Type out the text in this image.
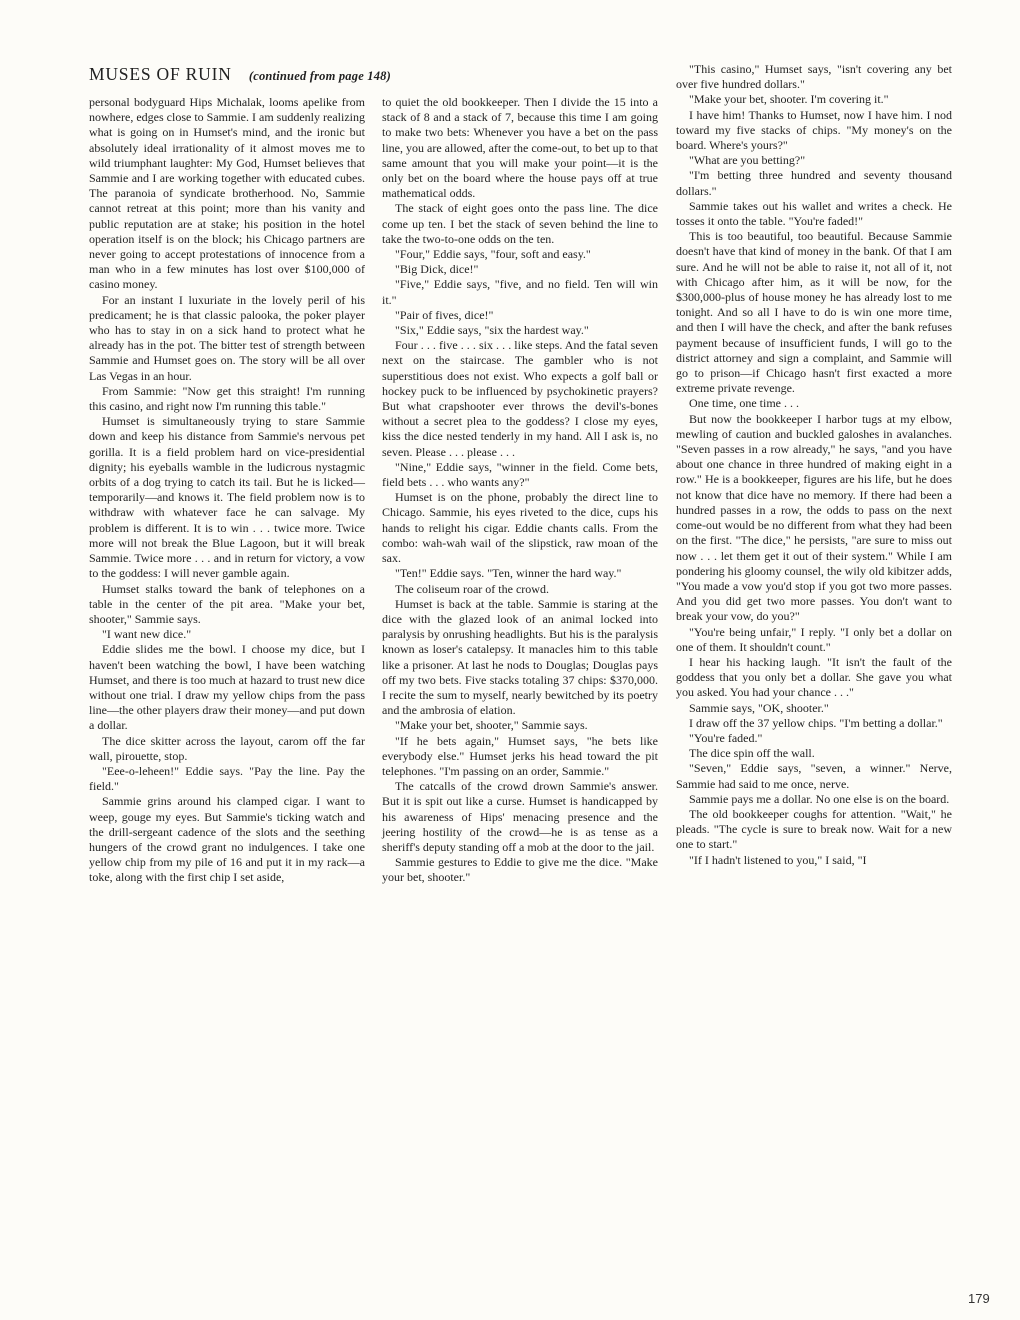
MUSES OF RUIN (continued from page 148)

personal bodyguard Hips Michalak, looms apelike from nowhere, edges close to Sammie. I am suddenly realizing what is going on in Humset's mind, and the ironic but absolutely ideal irrationality of it almost moves me to wild triumphant laughter: My God, Humset believes that Sammie and I are working together with educated cubes. The paranoia of syndicate brotherhood. No, Sammie cannot retreat at this point; more than his vanity and public reputation are at stake; his position in the hotel operation itself is on the block; his Chicago partners are never going to accept protestations of innocence from a man who in a few minutes has lost over $100,000 of casino money.

For an instant I luxuriate in the lovely peril of his predicament; he is that classic palooka, the poker player who has to stay in on a sick hand to protect what he already has in the pot. The bitter test of strength between Sammie and Humset goes on. The story will be all over Las Vegas in an hour.

From Sammie: "Now get this straight! I'm running this casino, and right now I'm running this table."

Humset is simultaneously trying to stare Sammie down and keep his distance from Sammie's nervous pet gorilla. It is a field problem hard on vice-presidential dignity; his eyeballs wamble in the ludicrous nystagmic orbits of a dog trying to catch its tail. But he is licked—temporarily—and knows it. The field problem now is to withdraw with whatever face he can salvage. My problem is different. It is to win . . . twice more. Twice more will not break the Blue Lagoon, but it will break Sammie. Twice more . . . and in return for victory, a vow to the goddess: I will never gamble again.

Humset stalks toward the bank of telephones on a table in the center of the pit area. "Make your bet, shooter," Sammie says.

"I want new dice."

Eddie slides me the bowl. I choose my dice, but I haven't been watching the bowl, I have been watching Humset, and there is too much at hazard to trust new dice without one trial. I draw my yellow chips from the pass line—the other players draw their money—and put down a dollar.

The dice skitter across the layout, carom off the far wall, pirouette, stop.

"Eee-o-leheen!" Eddie says. "Pay the line. Pay the field."

Sammie grins around his clamped cigar. I want to weep, gouge my eyes. But Sammie's ticking watch and the drill-sergeant cadence of the slots and the seething hungers of the crowd grant no indulgences. I take one yellow chip from my pile of 16 and put it in my rack—a toke, along with the first chip I set aside,

to quiet the old bookkeeper. Then I divide the 15 into a stack of 8 and a stack of 7, because this time I am going to make two bets: Whenever you have a bet on the pass line, you are allowed, after the come-out, to bet up to that same amount that you will make your point—it is the only bet on the board where the house pays off at true mathematical odds.

The stack of eight goes onto the pass line. The dice come up ten. I bet the stack of seven behind the line to take the two-to-one odds on the ten.

"Four," Eddie says, "four, soft and easy."

"Big Dick, dice!"

"Five," Eddie says, "five, and no field. Ten will win it."

"Pair of fives, dice!"

"Six," Eddie says, "six the hardest way."

Four . . . five . . . six . . . like steps. And the fatal seven next on the staircase. The gambler who is not superstitious does not exist. Who expects a golf ball or hockey puck to be influenced by psychokinetic prayers? But what crapshooter ever throws the devil's-bones without a secret plea to the goddess? I close my eyes, kiss the dice nested tenderly in my hand. All I ask is, no seven. Please . . . please . . .

"Nine," Eddie says, "winner in the field. Come bets, field bets . . . who wants any?"

Humset is on the phone, probably the direct line to Chicago. Sammie, his eyes riveted to the dice, cups his hands to relight his cigar. Eddie chants calls. From the combo: wah-wah wail of the slipstick, raw moan of the sax.

"Ten!" Eddie says. "Ten, winner the hard way."

The coliseum roar of the crowd.

Humset is back at the table. Sammie is staring at the dice with the glazed look of an animal locked into paralysis by onrushing headlights. But his is the paralysis known as loser's catalepsy. It manacles him to this table like a prisoner. At last he nods to Douglas; Douglas pays off my two bets. Five stacks totaling 37 chips: $370,000. I recite the sum to myself, nearly bewitched by its poetry and the ambrosia of elation.

"Make your bet, shooter," Sammie says.

"If he bets again," Humset says, "he bets like everybody else." Humset jerks his head toward the pit telephones. "I'm passing on an order, Sammie."

The catcalls of the crowd drown Sammie's answer. But it is spit out like a curse. Humset is handicapped by his awareness of Hips' menacing presence and the jeering hostility of the crowd—he is as tense as a sheriff's deputy standing off a mob at the door to the jail.

Sammie gestures to Eddie to give me the dice. "Make your bet, shooter."

"This casino," Humset says, "isn't covering any bet over five hundred dollars."

"Make your bet, shooter. I'm covering it."

I have him! Thanks to Humset, now I have him. I nod toward my five stacks of chips. "My money's on the board. Where's yours?"

"What are you betting?"

"I'm betting three hundred and seventy thousand dollars."

Sammie takes out his wallet and writes a check. He tosses it onto the table. "You're faded!"

This is too beautiful, too beautiful. Because Sammie doesn't have that kind of money in the bank. Of that I am sure. And he will not be able to raise it, not all of it, not with Chicago after him, as it will be now, for the $300,000-plus of house money he has already lost to me tonight. And so all I have to do is win one more time, and then I will have the check, and after the bank refuses payment because of insufficient funds, I will go to the district attorney and sign a complaint, and Sammie will go to prison—if Chicago hasn't first exacted a more extreme private revenge.

One time, one time . . .

But now the bookkeeper I harbor tugs at my elbow, mewling of caution and buckled galoshes in avalanches. "Seven passes in a row already," he says, "and you have about one chance in three hundred of making eight in a row." He is a bookkeeper, figures are his life, but he does not know that dice have no memory. If there had been a hundred passes in a row, the odds to pass on the next come-out would be no different from what they had been on the first. "The dice," he persists, "are sure to miss out now . . . let them get it out of their system." While I am pondering his gloomy counsel, the wily old kibitzer adds, "You made a vow you'd stop if you got two more passes. And you did get two more passes. You don't want to break your vow, do you?"

"You're being unfair," I reply. "I only bet a dollar on one of them. It shouldn't count."

I hear his hacking laugh. "It isn't the fault of the goddess that you only bet a dollar. She gave you what you asked. You had your chance . . ."

Sammie says, "OK, shooter."

I draw off the 37 yellow chips. "I'm betting a dollar."

"You're faded."

The dice spin off the wall.

"Seven," Eddie says, "seven, a winner." Nerve, Sammie had said to me once, nerve.

Sammie pays me a dollar. No one else is on the board.

The old bookkeeper coughs for attention. "Wait," he pleads. "The cycle is sure to break now. Wait for a new one to start."

"If I hadn't listened to you," I said, "I

179
